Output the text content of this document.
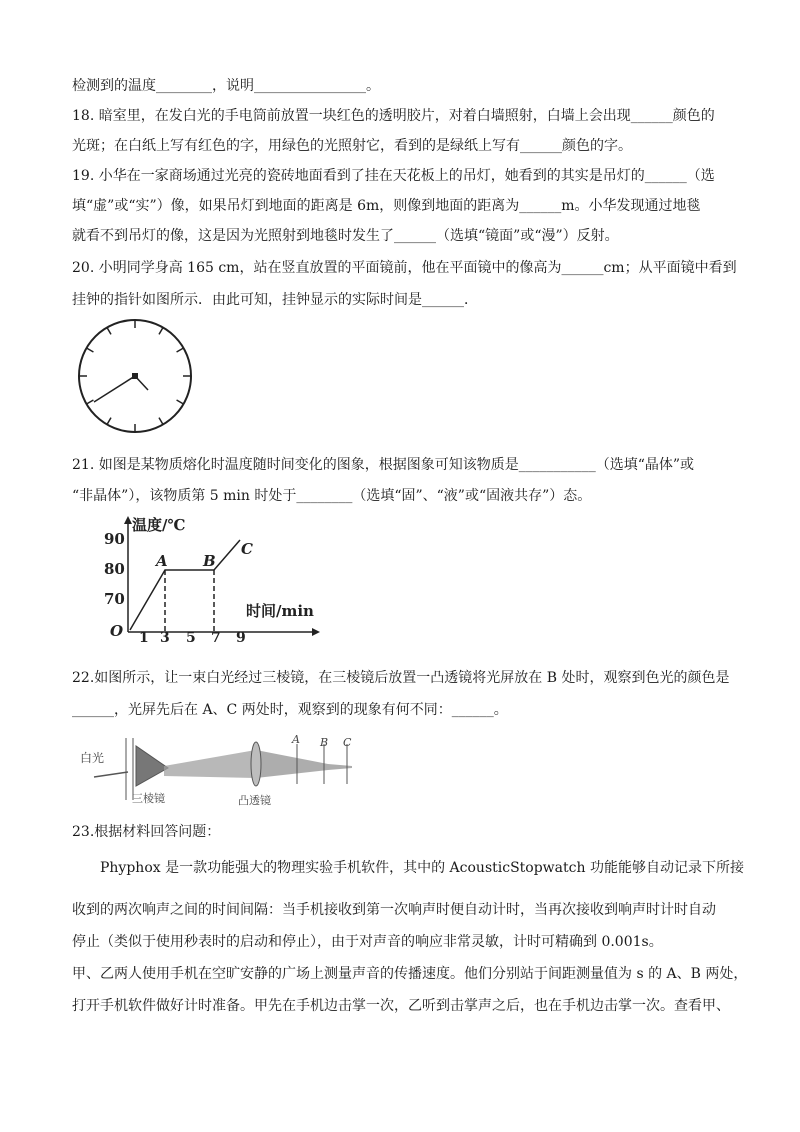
检测到的温度________，说明________________。
18. 暗室里，在发白光的手电筒前放置一块红色的透明胶片，对着白墙照射，白墙上会出现______颜色的
光斑；在白纸上写有红色的字，用绿色的光照射它，看到的是绿纸上写有______颜色的字。
19. 小华在一家商场通过光亮的瓷砖地面看到了挂在天花板上的吊灯，她看到的其实是吊灯的______（选
填“虚”或“实”）像，如果吊灯到地面的距离是 6m，则像到地面的距离为______m。小华发现通过地毯
就看不到吊灯的像，这是因为光照射到地毯时发生了______（选填“镜面”或“漫”）反射。
20. 小明同学身高 165 cm，站在竖直放置的平面镜前，他在平面镜中的像高为______cm；从平面镜中看到
挂钟的指针如图所示．由此可知，挂钟显示的实际时间是______．
21. 如图是某物质熔化时温度随时间变化的图象，根据图象可知该物质是___________（选填“晶体”或
“非晶体”），该物质第 5 min 时处于________（选填“固”、“液”或“固液共存”）态。
温度/℃
时间/min
O
90
80
70
1 3 5 7 9
A B
C
22.如图所示，让一束白光经过三棱镜，在三棱镜后放置一凸透镜将光屏放在 B 处时，观察到色光的颜色是
______，光屏先后在 A、C 两处时，观察到的现象有何不同：______。
白光
三棱镜	凸透镜
A B C
23.根据材料回答问题：
Phyphox 是一款功能强大的物理实验手机软件，其中的 AcousticStopwatch 功能能够自动记录下所接
收到的两次响声之间的时间间隔：当手机接收到第一次响声时便自动计时，当再次接收到响声时计时自动
停止（类似于使用秒表时的启动和停止），由于对声音的响应非常灵敏，计时可精确到 0.001s。
甲、乙两人使用手机在空旷安静的广场上测量声音的传播速度。他们分别站于间距测量值为 s 的 A、B 两处，
打开手机软件做好计时准备。甲先在手机边击掌一次，乙听到击掌声之后，也在手机边击掌一次。查看甲、
